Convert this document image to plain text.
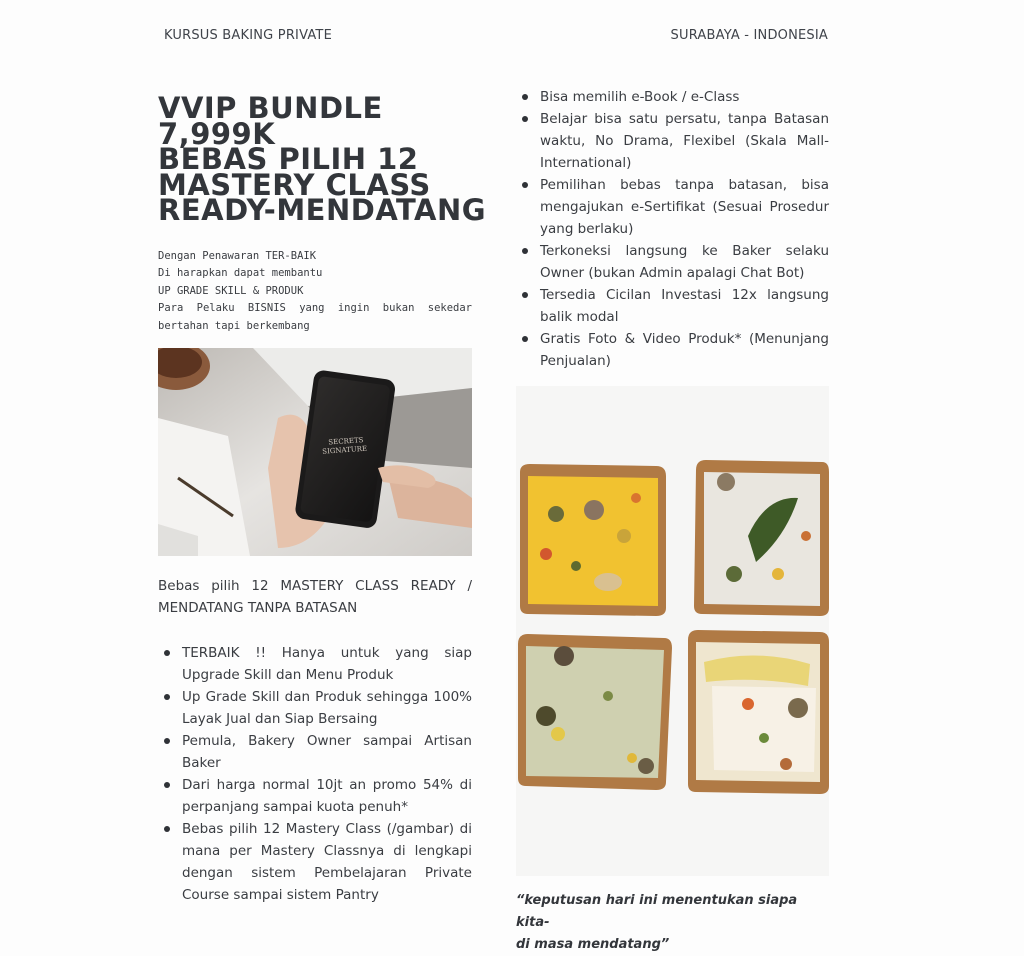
KURSUS BAKING PRIVATE	SURABAYA - INDONESIA
VVIP BUNDLE
7,999K
BEBAS PILIH 12
MASTERY CLASS
READY-MENDATANG
Dengan Penawaran TER-BAIK
Di harapkan dapat membantu
UP GRADE SKILL & PRODUK
Para Pelaku BISNIS yang ingin bukan sekedar
bertahan tapi berkembang
SECRETS
SIGNATURE
Bebas pilih 12 MASTERY CLASS READY / MENDATANG TANPA BATASAN
TERBAIK !! Hanya untuk yang siap Upgrade Skill dan Menu Produk
Up Grade Skill dan Produk sehingga 100% Layak Jual dan Siap Bersaing
Pemula, Bakery Owner sampai Artisan Baker
Dari harga normal 10jt an promo 54% di perpanjang sampai kuota penuh*
Bebas pilih 12 Mastery Class (/gambar) di mana per Mastery Classnya di lengkapi dengan sistem Pembelajaran Private Course sampai sistem Pantry
Bisa memilih e-Book / e-Class
Belajar bisa satu persatu, tanpa Batasan waktu, No Drama, Flexibel (Skala Mall-International)
Pemilihan bebas tanpa batasan, bisa mengajukan e-Sertifikat (Sesuai Prosedur yang berlaku)
Terkoneksi langsung ke Baker selaku Owner (bukan Admin apalagi Chat Bot)
Tersedia Cicilan Investasi 12x langsung balik modal
Gratis Foto & Video Produk* (Menunjang Penjualan)
“keputusan hari ini menentukan siapa kita-
di masa mendatang”
